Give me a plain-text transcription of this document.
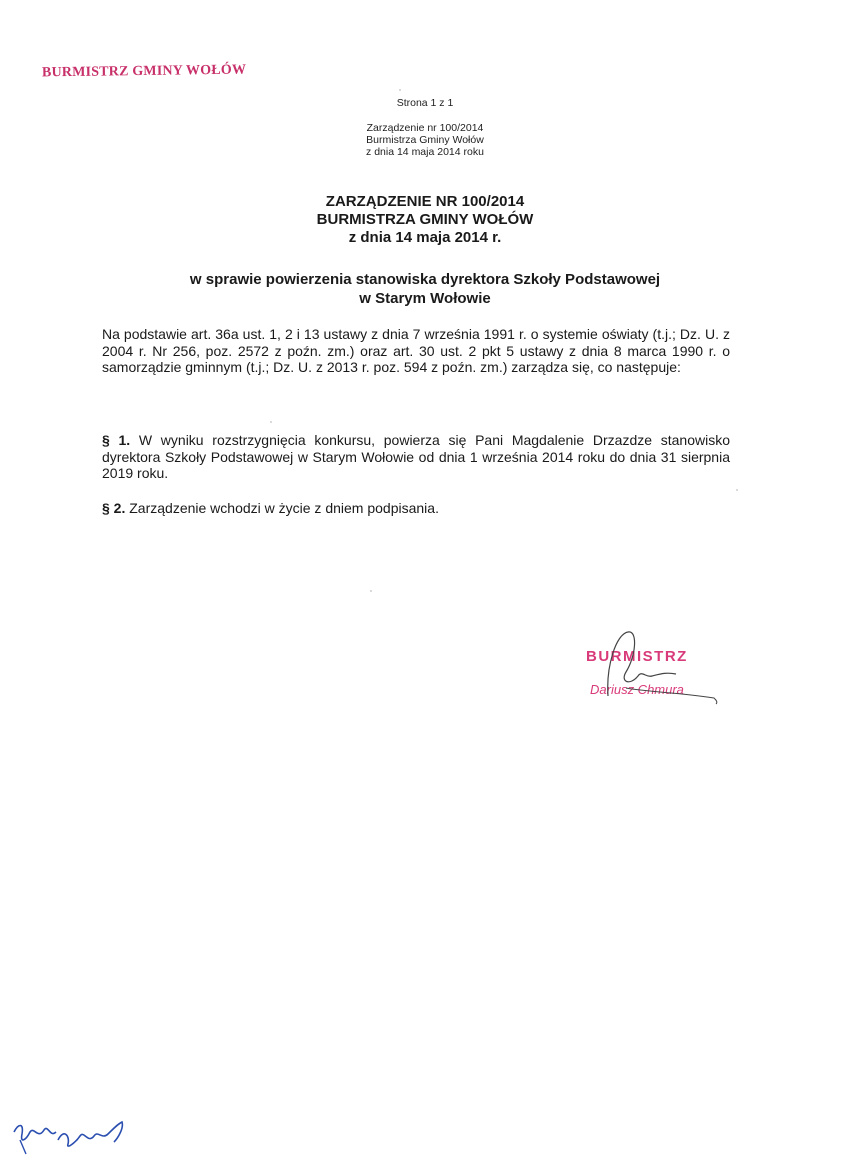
BURMISTRZ GMINY WOŁÓW
Strona 1 z 1
Zarządzenie nr 100/2014
Burmistrza Gminy Wołów
z dnia 14 maja 2014 roku
ZARZĄDZENIE NR 100/2014
BURMISTRZA GMINY WOŁÓW
z dnia 14 maja 2014 r.
w sprawie powierzenia stanowiska dyrektora Szkoły Podstawowej
w Starym Wołowie
Na podstawie art. 36a ust. 1, 2 i 13 ustawy z dnia 7 września 1991 r. o systemie oświaty (t.j.; Dz. U. z 2004 r. Nr 256, poz. 2572 z poźn. zm.) oraz art. 30 ust. 2 pkt 5 ustawy z dnia 8 marca 1990 r. o samorządzie gminnym (t.j.; Dz. U. z 2013 r. poz. 594 z poźn. zm.) zarządza się, co następuje:
§ 1. W wyniku rozstrzygnięcia konkursu, powierza się Pani Magdalenie Drzazdze stanowisko dyrektora Szkoły Podstawowej w Starym Wołowie od dnia 1 września 2014 roku do dnia 31 sierpnia 2019 roku.
§ 2. Zarządzenie wchodzi w życie z dniem podpisania.
BURMISTRZ
Dariusz Chmura
